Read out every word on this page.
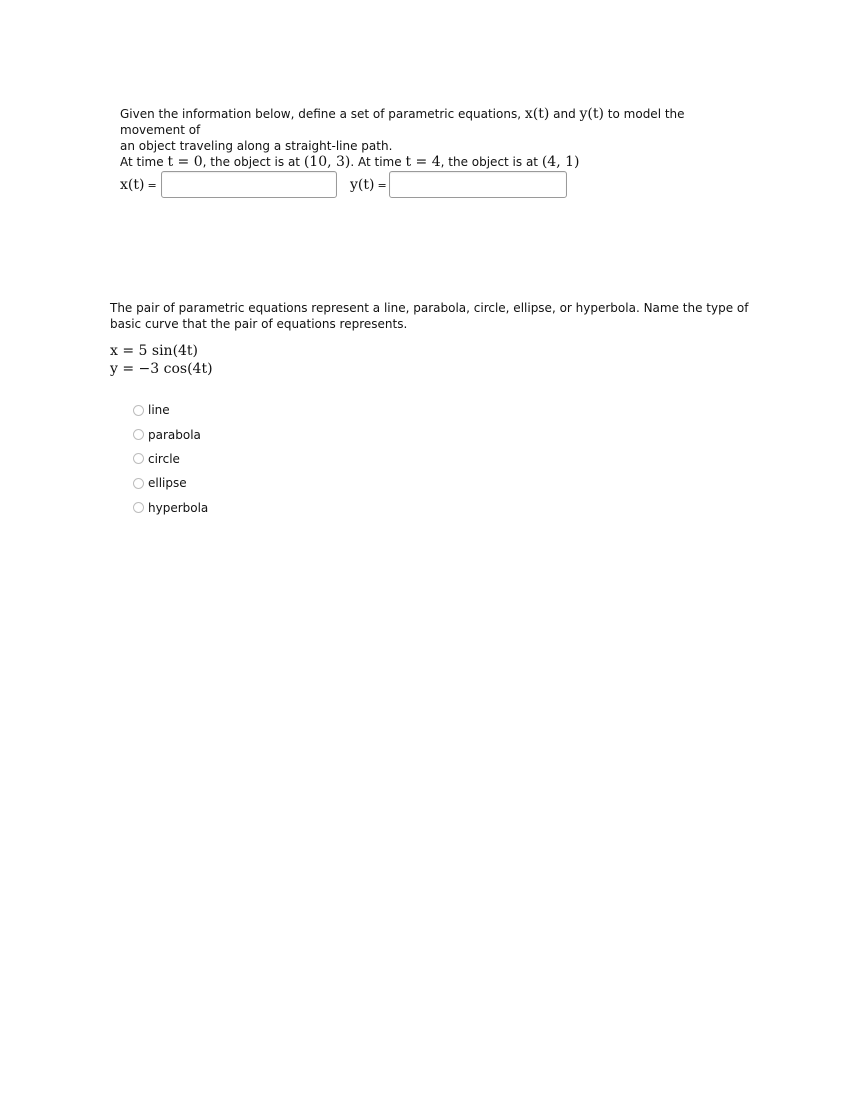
Given the information below, define a set of parametric equations, x(t) and y(t) to model the movement of

an object traveling along a straight-line path.

At time t = 0, the object is at (10, 3). At time t = 4, the object is at (4, 1)

x(t) =	y(t) =

The pair of parametric equations represent a line, parabola, circle, ellipse, or hyperbola. Name the type of

basic curve that the pair of equations represents.

x = 5 sin(4t)
y = −3 cos(4t)
line
parabola
circle
ellipse
hyperbola
